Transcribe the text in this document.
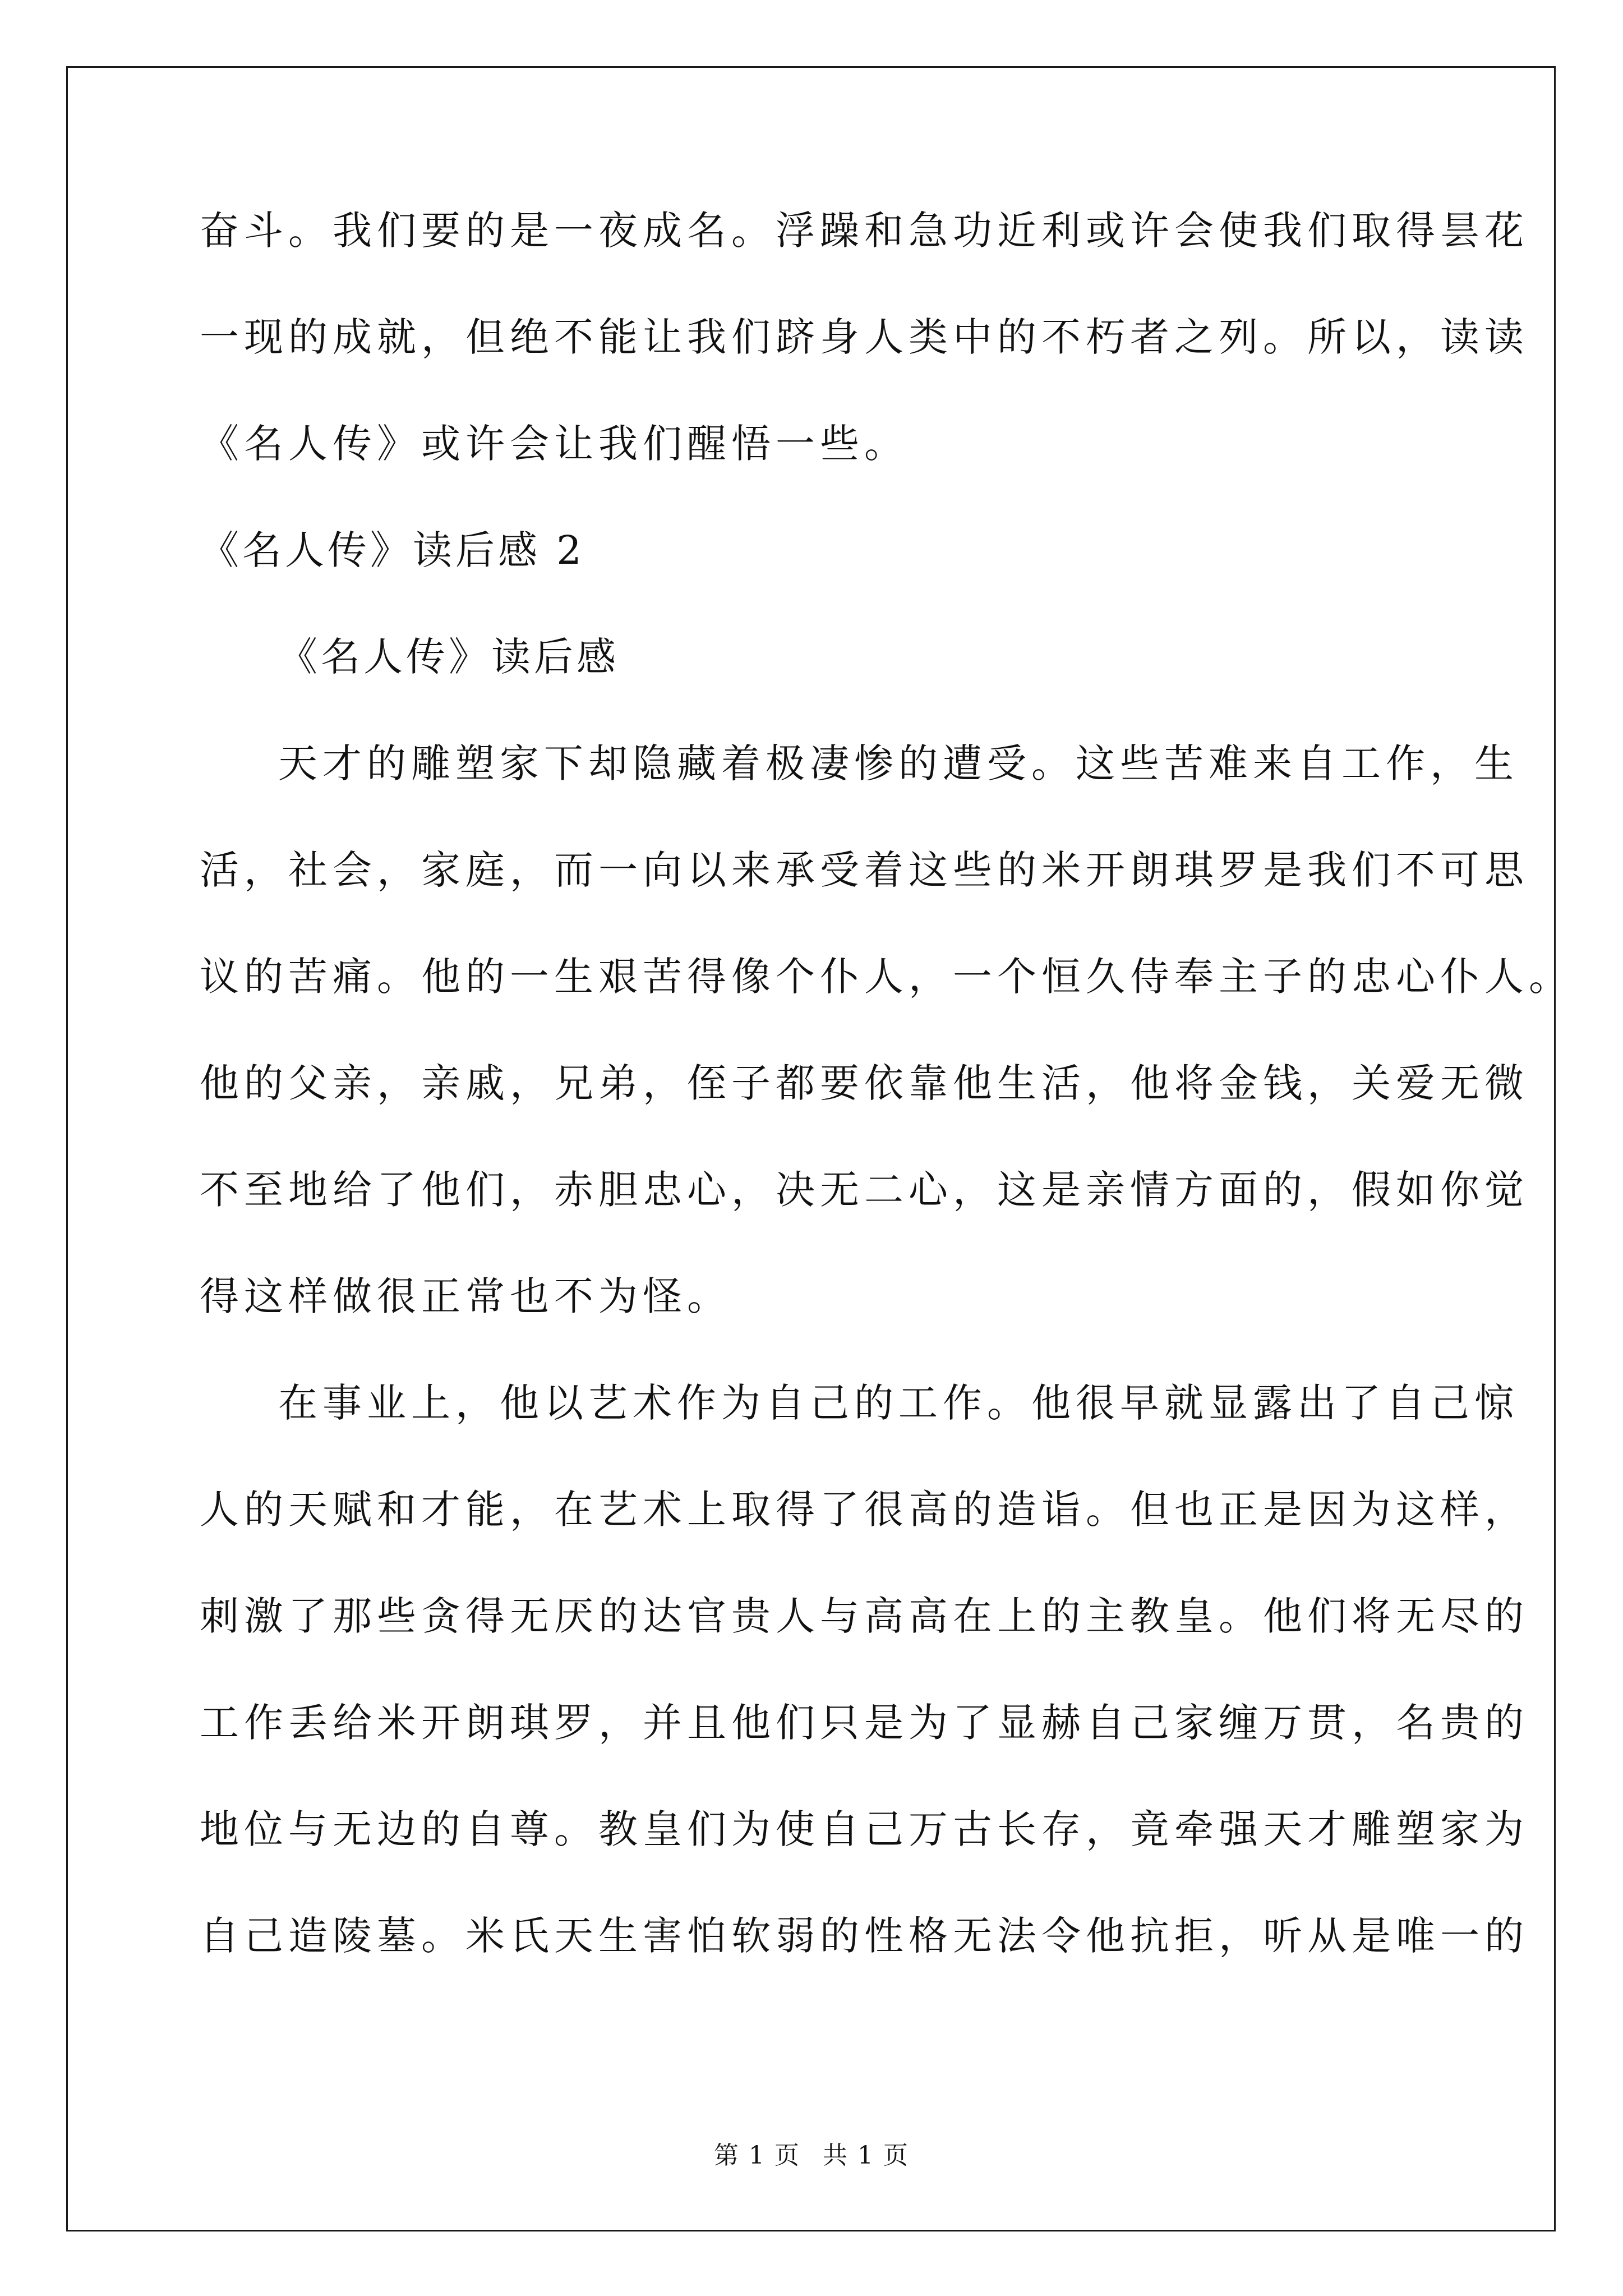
奋斗。我们要的是一夜成名。浮躁和急功近利或许会使我们取得昙花
一现的成就，但绝不能让我们跻身人类中的不朽者之列。所以，读读
《名人传》或许会让我们醒悟一些。
《名人传》读后感 2
《名人传》读后感
天才的雕塑家下却隐藏着极凄惨的遭受。这些苦难来自工作，生
活，社会，家庭，而一向以来承受着这些的米开朗琪罗是我们不可思
议的苦痛。他的一生艰苦得像个仆人，一个恒久侍奉主子的忠心仆人。
他的父亲，亲戚，兄弟，侄子都要依靠他生活，他将金钱，关爱无微
不至地给了他们，赤胆忠心，决无二心，这是亲情方面的，假如你觉
得这样做很正常也不为怪。
在事业上，他以艺术作为自己的工作。他很早就显露出了自己惊
人的天赋和才能，在艺术上取得了很高的造诣。但也正是因为这样，
刺激了那些贪得无厌的达官贵人与高高在上的主教皇。他们将无尽的
工作丢给米开朗琪罗，并且他们只是为了显赫自己家缠万贯，名贵的
地位与无边的自尊。教皇们为使自己万古长存，竟牵强天才雕塑家为
自己造陵墓。米氏天生害怕软弱的性格无法令他抗拒，听从是唯一的
第 1 页 共 1 页
